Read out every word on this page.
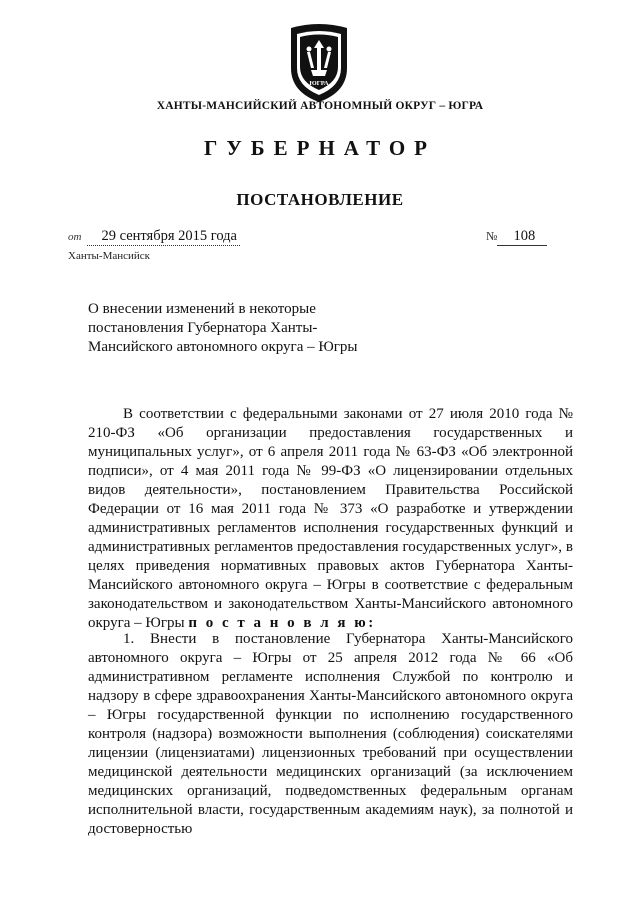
ЮГРА
ХАНТЫ-МАНСИЙСКИЙ АВТОНОМНЫЙ ОКРУГ – ЮГРА
ГУБЕРНАТОР
ПОСТАНОВЛЕНИЕ
от 29 сентября 2015 года	№ 108
Ханты-Мансийск
О внесении изменений в некоторые постановления Губернатора Ханты-Мансийского автономного округа – Югры

В соответствии с федеральными законами от 27 июля 2010 года № 210-ФЗ «Об организации предоставления государственных и муниципальных услуг», от 6 апреля 2011 года № 63-ФЗ «Об электронной подписи», от 4 мая 2011 года № 99-ФЗ «О лицензировании отдельных видов деятельности», постановлением Правительства Российской Федерации от 16 мая 2011 года № 373 «О разработке и утверждении административных регламентов исполнения государственных функций и административных регламентов предоставления государственных услуг», в целях приведения нормативных правовых актов Губернатора Ханты-Мансийского автономного округа – Югры в соответствие с федеральным законодательством и законодательством Ханты-Мансийского автономного округа – Югры п о с т а н о в л я ю:

1. Внести в постановление Губернатора Ханты-Мансийского автономного округа – Югры от 25 апреля 2012 года № 66 «Об административном регламенте исполнения Службой по контролю и надзору в сфере здравоохранения Ханты-Мансийского автономного округа – Югры государственной функции по исполнению государственного контроля (надзора) возможности выполнения (соблюдения) соискателями лицензии (лицензиатами) лицензионных требований при осуществлении медицинской деятельности медицинских организаций (за исключением медицинских организаций, подведомственных федеральным органам исполнительной власти, государственным академиям наук), за полнотой и достоверностью
